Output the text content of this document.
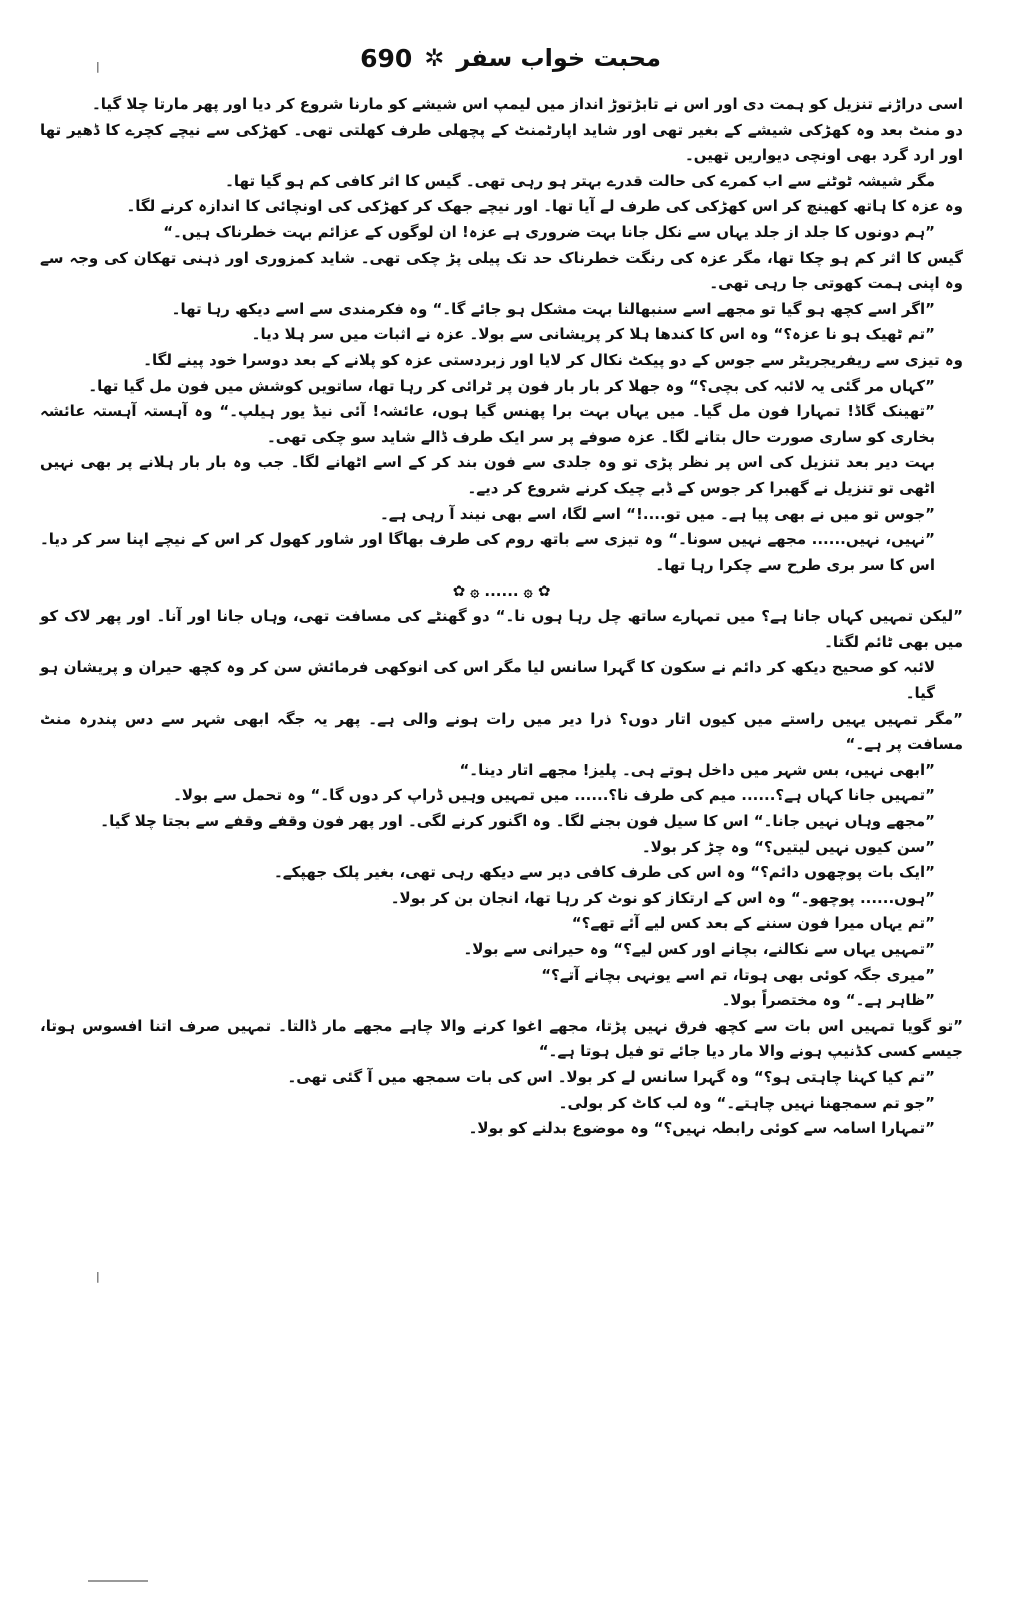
690 ✲ محبت خواب سفر
|
|

اسی دراڑنے تنزیل کو ہمت دی اور اس نے تابڑتوڑ انداز میں لیمپ اس شیشے کو مارنا شروع کر دیا اور پھر مارتا چلا گیا۔

دو منٹ بعد وہ کھڑکی شیشے کے بغیر تھی اور شاید اپارٹمنٹ کے پچھلی طرف کھلتی تھی۔ کھڑکی سے نیچے کچرے کا ڈھیر تھا اور ارد گرد بھی اونچی دیواریں تھیں۔

مگر شیشہ ٹوٹنے سے اب کمرے کی حالت قدرے بہتر ہو رہی تھی۔ گیس کا اثر کافی کم ہو گیا تھا۔

وہ عزہ کا ہاتھ کھینچ کر اس کھڑکی کی طرف لے آیا تھا۔ اور نیچے جھک کر کھڑکی کی اونچائی کا اندازہ کرنے لگا۔

”ہم دونوں کا جلد از جلد یہاں سے نکل جانا بہت ضروری ہے عزہ! ان لوگوں کے عزائم بہت خطرناک ہیں۔“

گیس کا اثر کم ہو چکا تھا، مگر عزہ کی رنگت خطرناک حد تک پیلی پڑ چکی تھی۔ شاید کمزوری اور ذہنی تھکان کی وجہ سے وہ اپنی ہمت کھوتی جا رہی تھی۔

”اگر اسے کچھ ہو گیا تو مجھے اسے سنبھالنا بہت مشکل ہو جائے گا۔“ وہ فکرمندی سے اسے دیکھ رہا تھا۔

”تم ٹھیک ہو نا عزہ؟“ وہ اس کا کندھا ہلا کر پریشانی سے بولا۔ عزہ نے اثبات میں سر ہلا دیا۔

وہ تیزی سے ریفریجریٹر سے جوس کے دو پیکٹ نکال کر لایا اور زبردستی عزہ کو پلانے کے بعد دوسرا خود پینے لگا۔

”کہاں مر گئی یہ لائبہ کی بچی؟“ وہ جھلا کر بار بار فون پر ٹرائی کر رہا تھا، ساتویں کوشش میں فون مل گیا تھا۔

”تھینک گاڈ! تمہارا فون مل گیا۔ میں یہاں بہت برا پھنس گیا ہوں، عائشہ! آئی نیڈ یور ہیلپ۔“ وہ آہستہ آہستہ عائشہ بخاری کو ساری صورت حال بتانے لگا۔ عزہ صوفے پر سر ایک طرف ڈالے شاید سو چکی تھی۔

بہت دیر بعد تنزیل کی اس پر نظر پڑی تو وہ جلدی سے فون بند کر کے اسے اٹھانے لگا۔ جب وہ بار بار ہلانے پر بھی نہیں اٹھی تو تنزیل نے گھبرا کر جوس کے ڈبے چیک کرنے شروع کر دیے۔

”جوس تو میں نے بھی پیا ہے۔ میں تو....!“ اسے لگا، اسے بھی نیند آ رہی ہے۔

”نہیں، نہیں...... مجھے نہیں سونا۔“ وہ تیزی سے باتھ روم کی طرف بھاگا اور شاور کھول کر اس کے نیچے اپنا سر کر دیا۔ اس کا سر بری طرح سے چکرا رہا تھا۔

✿ ۞ ...... ۞ ✿

”لیکن تمہیں کہاں جانا ہے؟ میں تمہارے ساتھ چل رہا ہوں نا۔“ دو گھنٹے کی مسافت تھی، وہاں جانا اور آنا۔ اور پھر لاک کو میں بھی ٹائم لگتا۔

لائبہ کو صحیح دیکھ کر دائم نے سکون کا گہرا سانس لیا مگر اس کی انوکھی فرمائش سن کر وہ کچھ حیران و پریشان ہو گیا۔

”مگر تمہیں یہیں راستے میں کیوں اتار دوں؟ ذرا دیر میں رات ہونے والی ہے۔ پھر یہ جگہ ابھی شہر سے دس پندرہ منٹ مسافت پر ہے۔“

”ابھی نہیں، بس شہر میں داخل ہوتے ہی۔ پلیز! مجھے اتار دینا۔“

”تمہیں جانا کہاں ہے؟...... میم کی طرف نا؟...... میں تمہیں وہیں ڈراپ کر دوں گا۔“ وہ تحمل سے بولا۔

”مجھے وہاں نہیں جانا۔“ اس کا سیل فون بجنے لگا۔ وہ اگنور کرنے لگی۔ اور پھر فون وقفے وقفے سے بجتا چلا گیا۔

”سن کیوں نہیں لیتیں؟“ وہ چڑ کر بولا۔

”ایک بات پوچھوں دائم؟“ وہ اس کی طرف کافی دیر سے دیکھ رہی تھی، بغیر پلک جھپکے۔

”ہوں...... پوچھو۔“ وہ اس کے ارتکاز کو نوٹ کر رہا تھا، انجان بن کر بولا۔

”تم یہاں میرا فون سننے کے بعد کس لیے آئے تھے؟“

”تمہیں یہاں سے نکالنے، بچانے اور کس لیے؟“ وہ حیرانی سے بولا۔

”میری جگہ کوئی بھی ہوتا، تم اسے یونہی بچانے آتے؟“

”ظاہر ہے۔“ وہ مختصراً بولا۔

”تو گویا تمہیں اس بات سے کچھ فرق نہیں پڑتا، مجھے اغوا کرنے والا چاہے مجھے مار ڈالتا۔ تمہیں صرف اتنا افسوس ہوتا، جیسے کسی کڈنیپ ہونے والا مار دیا جائے تو فیل ہوتا ہے۔“

”تم کیا کہنا چاہتی ہو؟“ وہ گہرا سانس لے کر بولا۔ اس کی بات سمجھ میں آ گئی تھی۔

”جو تم سمجھنا نہیں چاہتے۔“ وہ لب کاٹ کر بولی۔

”تمہارا اسامہ سے کوئی رابطہ نہیں؟“ وہ موضوع بدلنے کو بولا۔
